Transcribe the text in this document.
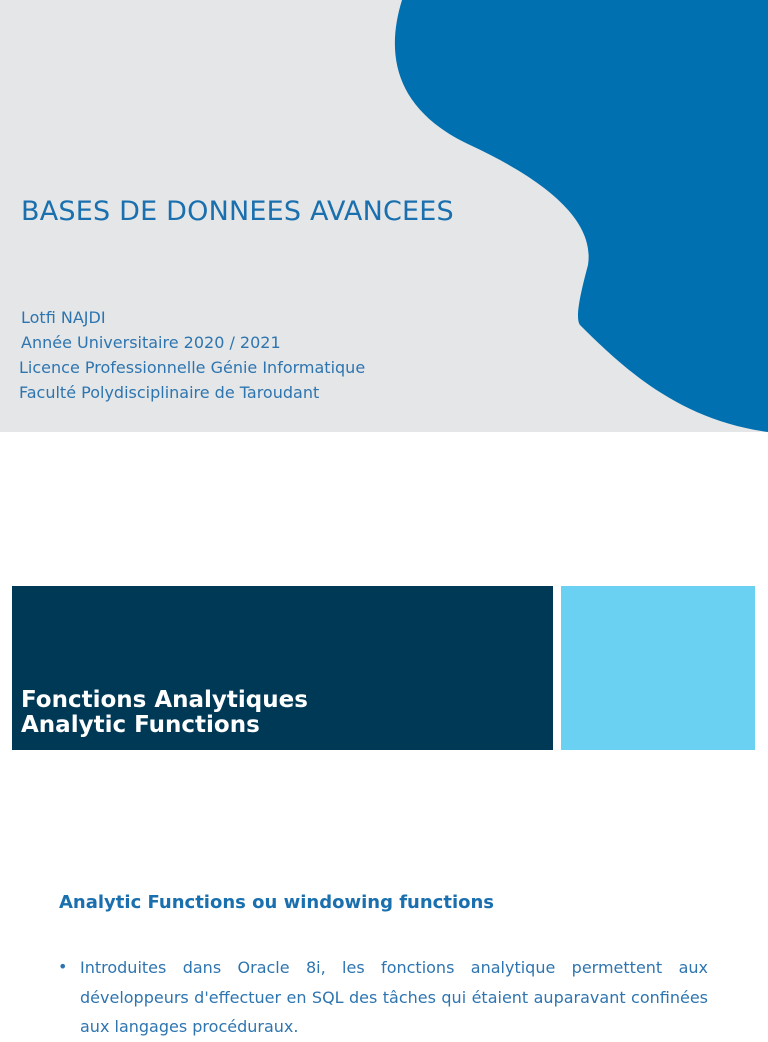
BASES DE DONNEES AVANCEES
Lotfi NAJDI
Année Universitaire 2020 / 2021
Licence Professionnelle Génie Informatique
Faculté Polydisciplinaire de Taroudant
Fonctions Analytiques
Analytic Functions
Analytic Functions ou windowing functions
• Introduites dans Oracle 8i, les fonctions analytique permettent aux développeurs d'effectuer en SQL des tâches qui étaient auparavant confinées aux langages procéduraux.
